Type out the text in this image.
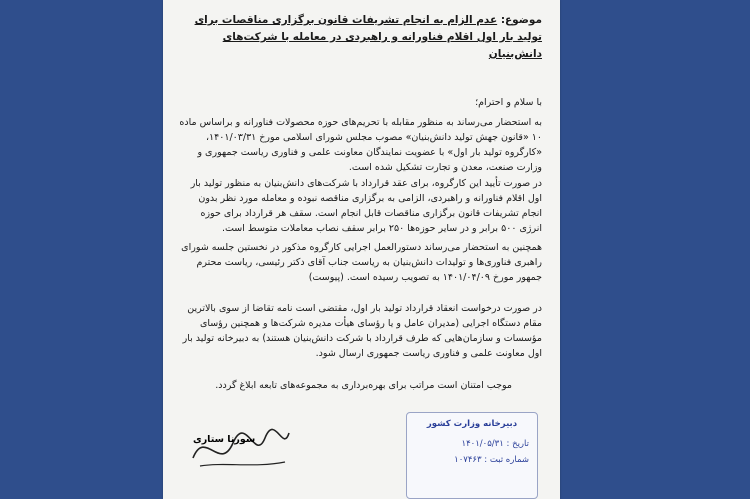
موضوع: عدم الزام به انجام تشریفات قانون برگزاری مناقصات برای تولید بار اول اقلام فناورانه و راهبردی در معامله با شرکت‌های دانش‌بنیان
با سلام و احترام؛
به استحضار می‌رساند به منظور مقابله با تحریم‌های حوزه محصولات فناورانه و براساس ماده ۱۰ «قانون جهش تولید دانش‌بنیان» مصوب مجلس شورای اسلامی مورخ ۱۴۰۱/۰۳/۳۱، «کارگروه تولید بار اول» با عضویت نمایندگان معاونت علمی و فناوری ریاست جمهوری و وزارت صنعت، معدن و تجارت تشکیل شده است.
در صورت تأیید این کارگروه، برای عقد قرارداد با شرکت‌های دانش‌بنیان به منظور تولید بار اول اقلام فناورانه و راهبردی، الزامی به برگزاری مناقصه نبوده و معامله مورد نظر بدون انجام تشریفات قانون برگزاری مناقصات قابل انجام است. سقف هر قرارداد برای حوزه انرژی ۵۰۰ برابر و در سایر حوزه‌ها ۲۵۰ برابر سقف نصاب معاملات متوسط است.
همچنین به استحضار می‌رساند دستورالعمل اجرایی کارگروه مذکور در نخستین جلسه شورای راهبری فناوری‌ها و تولیدات دانش‌بنیان به ریاست جناب آقای دکتر رئیسی، ریاست محترم جمهور مورخ ۱۴۰۱/۰۴/۰۹ به تصویب رسیده است. (پیوست)
در صورت درخواست انعقاد قرارداد تولید بار اول، مقتضی است نامه تقاضا از سوی بالاترین مقام دستگاه اجرایی (مدیران عامل و یا رؤسای هیأت مدیره شرکت‌ها و همچنین رؤسای مؤسسات و سازمان‌هایی که طرف قرارداد با شرکت دانش‌بنیان هستند) به دبیرخانه تولید بار اول معاونت علمی و فناوری ریاست جمهوری ارسال شود.
موجب امتنان است مراتب برای بهره‌برداری به مجموعه‌های تابعه ابلاغ گردد.
دبیرخانه وزارت کشور
تاریخ : ۱۴۰۱/۰۵/۳۱
شماره ثبت : ۱۰۷۴۶۳
سورنا ستاری
